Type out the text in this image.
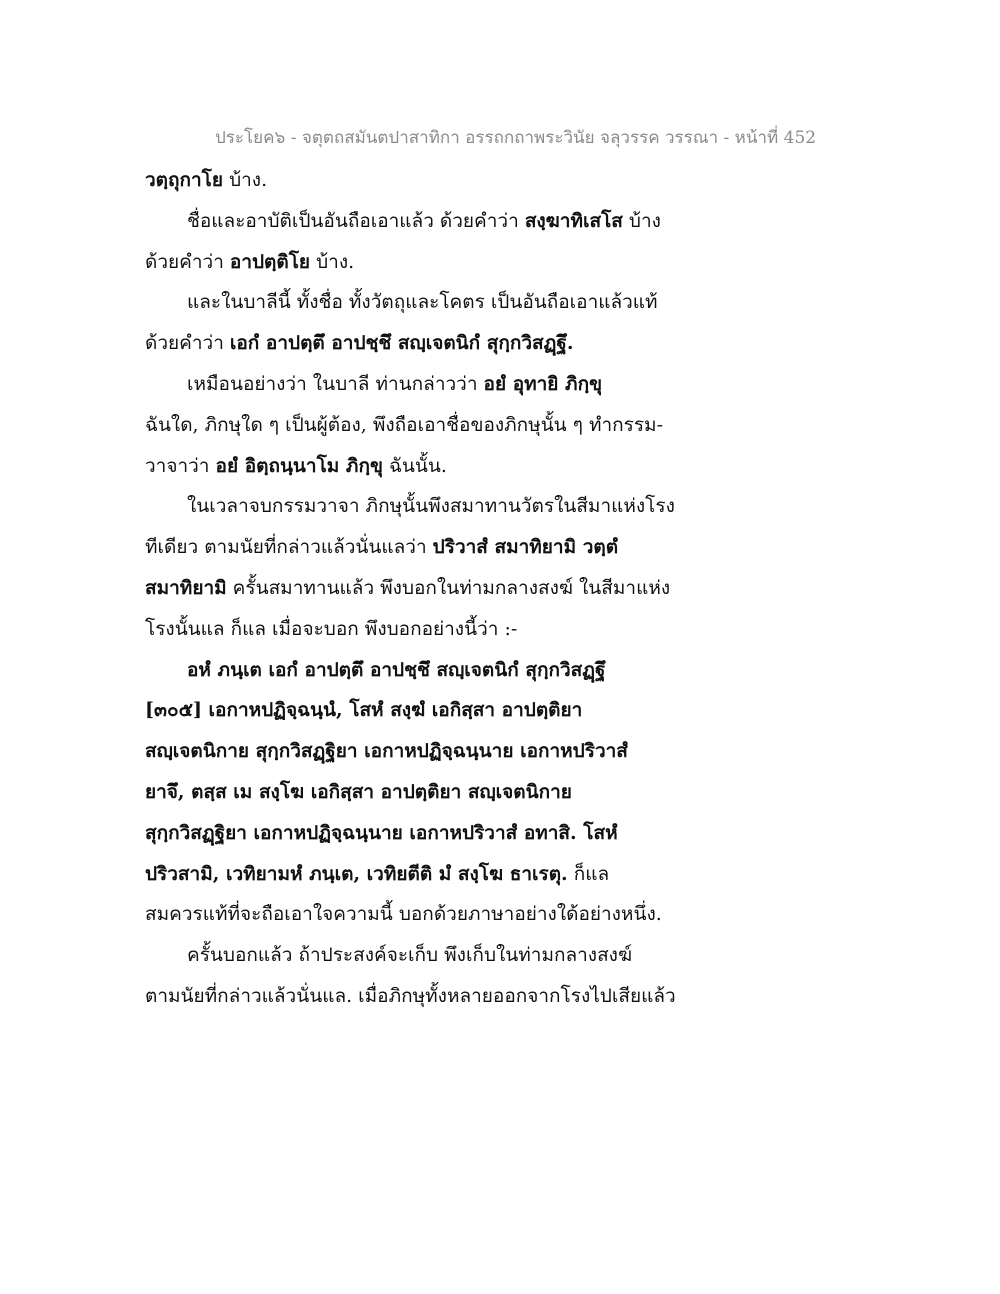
ประโยค๖ - จตุตถสมันตปาสาทิกา อรรถกถาพระวินัย จลุวรรค วรรณา - หน้าที่ 452
วตฺถุกาโย บ้าง.
ชื่อและอาบัติเป็นอันถือเอาแล้ว ด้วยคำว่า สงฺฆาทิเสโส บ้าง
ด้วยคำว่า อาปตฺติโย บ้าง.
และในบาลีนี้ ทั้งชื่อ ทั้งวัตถุและโคตร เป็นอันถือเอาแล้วแท้
ด้วยคำว่า เอกํ อาปตฺตึ อาปชฺชึ สญฺเจตนิกํ สุกฺกวิสฏฺฐึ.
เหมือนอย่างว่า ในบาลี ท่านกล่าวว่า อยํ อุทายิ ภิกฺขุ
ฉันใด, ภิกษุใด ๆ เป็นผู้ต้อง, พึงถือเอาชื่อของภิกษุนั้น ๆ ทำกรรม-
วาจาว่า อยํ อิตฺถนฺนาโม ภิกฺขุ ฉันนั้น.
ในเวลาจบกรรมวาจา ภิกษุนั้นพึงสมาทานวัตรในสีมาแห่งโรง
ทีเดียว ตามนัยที่กล่าวแล้วนั่นแลว่า ปริวาสํ สมาทิยามิ วตฺตํ
สมาทิยามิ ครั้นสมาทานแล้ว พึงบอกในท่ามกลางสงฆ์ ในสีมาแห่ง
โรงนั้นแล ก็แล เมื่อจะบอก พึงบอกอย่างนี้ว่า :-
อหํ ภนฺเต เอกํ อาปตฺตึ อาปชฺชึ สญฺเจตนิกํ สุกฺกวิสฏฺฐึ
[๓๐๕] เอกาหปฏิจฺฉนฺนํ, โสหํ สงฺฆํ เอกิสฺสา อาปตฺติยา
สญฺเจตนิกาย สุกฺกวิสฏฺฐิยา เอกาหปฏิจฺฉนฺนาย เอกาหปริวาสํ
ยาจึ, ตสฺส เม สงฺโฆ เอกิสฺสา อาปตฺติยา สญฺเจตนิกาย
สุกฺกวิสฏฺฐิยา เอกาหปฏิจฺฉนฺนาย เอกาหปริวาสํ อทาสิ. โสหํ
ปริวสามิ, เวทิยามหํ ภนฺเต, เวทิยตีติ มํ สงฺโฆ ธาเรตุ. ก็แล
สมควรแท้ที่จะถือเอาใจความนี้ บอกด้วยภาษาอย่างใด้อย่างหนึ่ง.
ครั้นบอกแล้ว ถ้าประสงค์จะเก็บ พึงเก็บในท่ามกลางสงฆ์
ตามนัยที่กล่าวแล้วนั่นแล. เมื่อภิกษุทั้งหลายออกจากโรงไปเสียแล้ว
